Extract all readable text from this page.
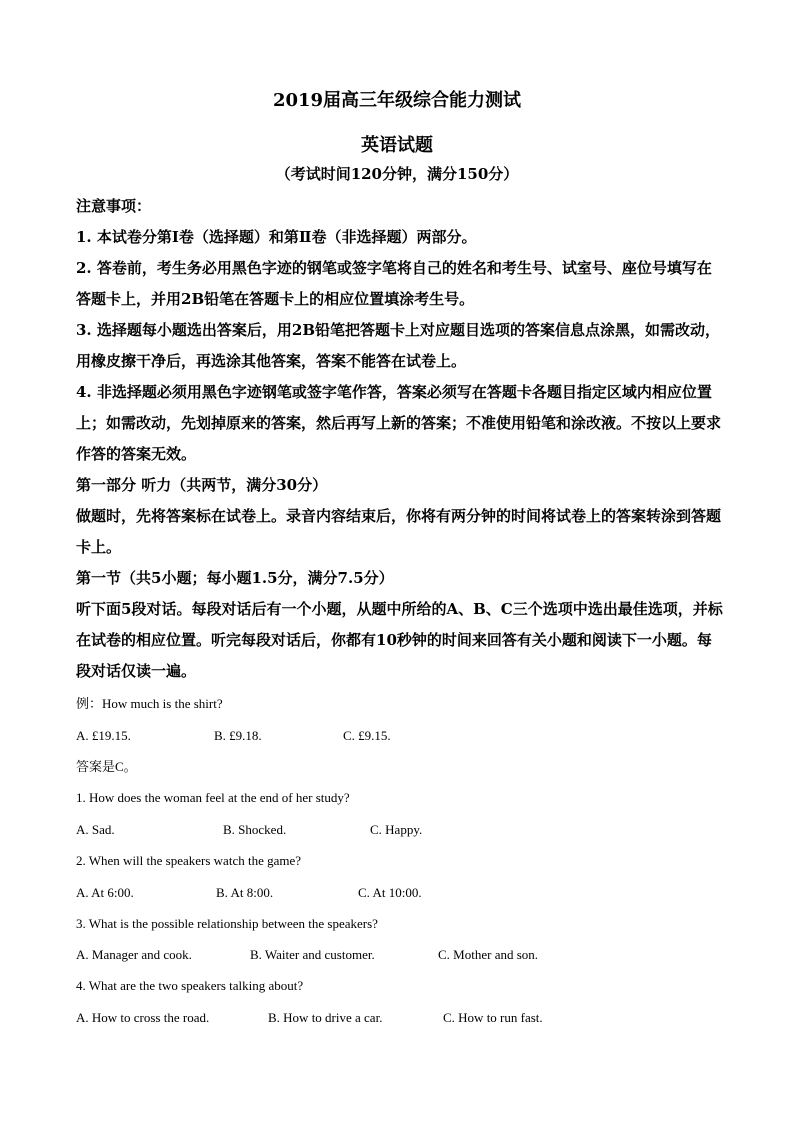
2019届高三年级综合能力测试
英语试题
（考试时间120分钟，满分150分）
注意事项：
1. 本试卷分第Ⅰ卷（选择题）和第Ⅱ卷（非选择题）两部分。
2. 答卷前，考生务必用黑色字迹的钢笔或签字笔将自己的姓名和考生号、试室号、座位号填写在答题卡上，并用2B铅笔在答题卡上的相应位置填涂考生号。
3. 选择题每小题选出答案后，用2B铅笔把答题卡上对应题目选项的答案信息点涂黑，如需改动，用橡皮擦干净后，再选涂其他答案，答案不能答在试卷上。
4. 非选择题必须用黑色字迹钢笔或签字笔作答，答案必须写在答题卡各题目指定区域内相应位置上；如需改动，先划掉原来的答案，然后再写上新的答案；不准使用铅笔和涂改液。不按以上要求作答的答案无效。
第一部分 听力（共两节，满分30分）
做题时，先将答案标在试卷上。录音内容结束后，你将有两分钟的时间将试卷上的答案转涂到答题卡上。
第一节（共5小题；每小题1.5分，满分7.5分）
听下面5段对话。每段对话后有一个小题，从题中所给的A、B、C三个选项中选出最佳选项，并标在试卷的相应位置。听完每段对话后，你都有10秒钟的时间来回答有关小题和阅读下一小题。每段对话仅读一遍。
例：How much is the shirt?
A. £19.15.	B. £9.18.	C. £9.15.
答案是C。
1. How does the woman feel at the end of her study?
A. Sad.	B. Shocked.	C. Happy.
2. When will the speakers watch the game?
A. At 6:00.	B. At 8:00.	C. At 10:00.
3. What is the possible relationship between the speakers?
A. Manager and cook.	B. Waiter and customer.	C. Mother and son.
4. What are the two speakers talking about?
A. How to cross the road.	B. How to drive a car.	C. How to run fast.
